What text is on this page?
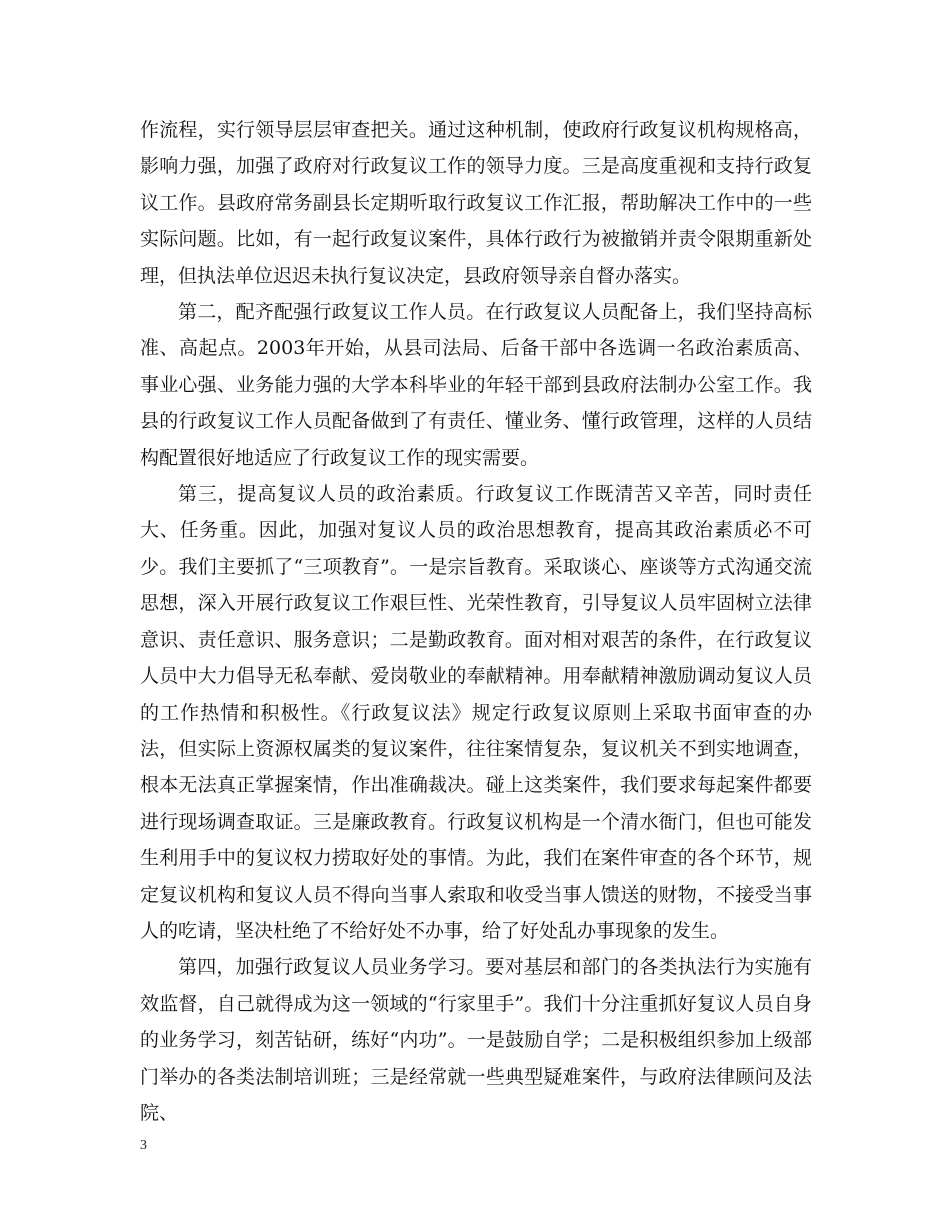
作流程，实行领导层层审查把关。通过这种机制，使政府行政复议机构规格高，影响力强，加强了政府对行政复议工作的领导力度。三是高度重视和支持行政复议工作。县政府常务副县长定期听取行政复议工作汇报，帮助解决工作中的一些实际问题。比如，有一起行政复议案件，具体行政行为被撤销并责令限期重新处理，但执法单位迟迟未执行复议决定，县政府领导亲自督办落实。

第二，配齐配强行政复议工作人员。在行政复议人员配备上，我们坚持高标准、高起点。2003年开始，从县司法局、后备干部中各选调一名政治素质高、事业心强、业务能力强的大学本科毕业的年轻干部到县政府法制办公室工作。我县的行政复议工作人员配备做到了有责任、懂业务、懂行政管理，这样的人员结构配置很好地适应了行政复议工作的现实需要。

第三，提高复议人员的政治素质。行政复议工作既清苦又辛苦，同时责任大、任务重。因此，加强对复议人员的政治思想教育，提高其政治素质必不可少。我们主要抓了“三项教育”。一是宗旨教育。采取谈心、座谈等方式沟通交流思想，深入开展行政复议工作艰巨性、光荣性教育，引导复议人员牢固树立法律意识、责任意识、服务意识；二是勤政教育。面对相对艰苦的条件，在行政复议人员中大力倡导无私奉献、爱岗敬业的奉献精神。用奉献精神激励调动复议人员的工作热情和积极性。《行政复议法》规定行政复议原则上采取书面审查的办法，但实际上资源权属类的复议案件，往往案情复杂，复议机关不到实地调查，根本无法真正掌握案情，作出准确裁决。碰上这类案件，我们要求每起案件都要进行现场调查取证。三是廉政教育。行政复议机构是一个清水衙门，但也可能发生利用手中的复议权力捞取好处的事情。为此，我们在案件审查的各个环节，规定复议机构和复议人员不得向当事人索取和收受当事人馈送的财物，不接受当事人的吃请，坚决杜绝了不给好处不办事，给了好处乱办事现象的发生。

第四，加强行政复议人员业务学习。要对基层和部门的各类执法行为实施有效监督，自己就得成为这一领域的“行家里手”。我们十分注重抓好复议人员自身的业务学习，刻苦钻研，练好“内功”。一是鼓励自学；二是积极组织参加上级部门举办的各类法制培训班；三是经常就一些典型疑难案件，与政府法律顾问及法院、

3
